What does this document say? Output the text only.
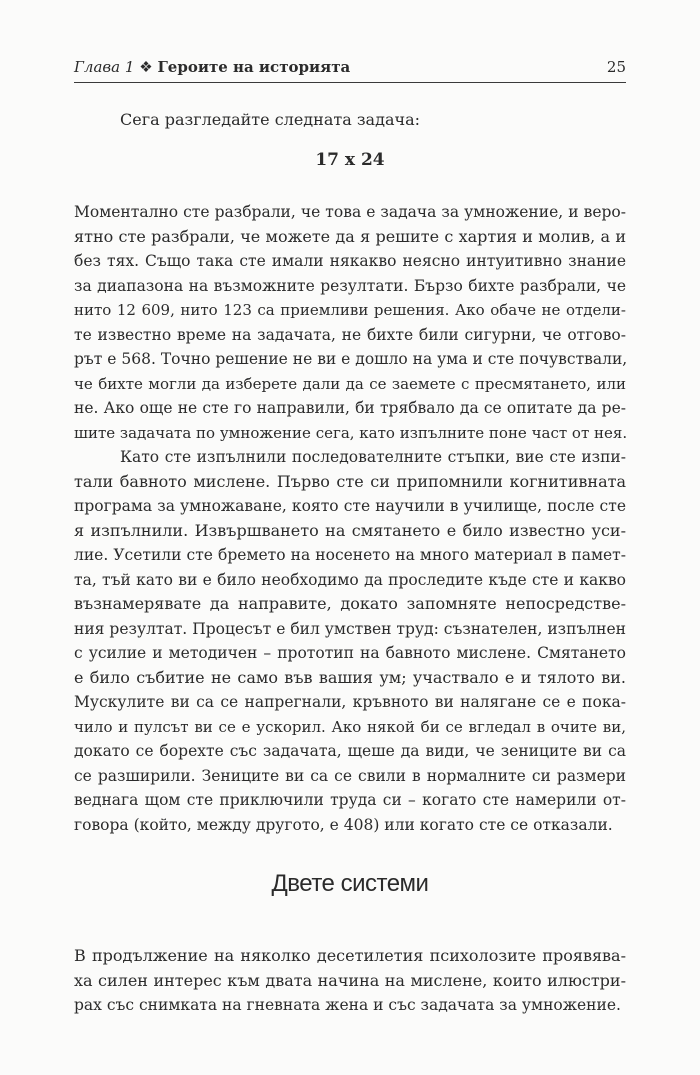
Глава 1 ❖ Героите на историята	25
Сега разгледайте следната задача:
17 x 24
Моментално сте разбрали, че това е задача за умножение, и веро-
ятно сте разбрали, че можете да я решите с хартия и молив, а и
без тях. Също така сте имали някакво неясно интуитивно знание
за диапазона на възможните резултати. Бързо бихте разбрали, че
нито 12 609, нито 123 са приемливи решения. Ако обаче не отдели-
те известно време на задачата, не бихте били сигурни, че отгово-
рът е 568. Точно решение не ви е дошло на ума и сте почувствали,
че бихте могли да изберете дали да се заемете с пресмятането, или
не. Ако още не сте го направили, би трябвало да се опитате да ре-
шите задачата по умножение сега, като изпълните поне част от нея.
Като сте изпълнили последователните стъпки, вие сте изпи-
тали бавното мислене. Първо сте си припомнили когнитивната
програма за умножаване, която сте научили в училище, после сте
я изпълнили. Извършването на смятането е било известно уси-
лие. Усетили сте бремето на носенето на много материал в памет-
та, тъй като ви е било необходимо да проследите къде сте и какво
възнамерявате да направите, докато запомняте непосредстве-
ния резултат. Процесът е бил умствен труд: съзнателен, изпълнен
с усилие и методичен – прототип на бавното мислене. Смятането
е било събитие не само във вашия ум; участвало е и тялото ви.
Мускулите ви са се напрегнали, кръвното ви налягане се е пока-
чило и пулсът ви се е ускорил. Ако някой би се вгледал в очите ви,
докато се борехте със задачата, щеше да види, че зениците ви са
се разширили. Зениците ви са се свили в нормалните си размери
веднага щом сте приключили труда си – когато сте намерили от-
говора (който, между другото, е 408) или когато сте се отказали.
Двете системи
В продължение на няколко десетилетия психолозите проявява-
ха силен интерес към двата начина на мислене, които илюстри-
рах със снимката на гневната жена и със задачата за умножение.
